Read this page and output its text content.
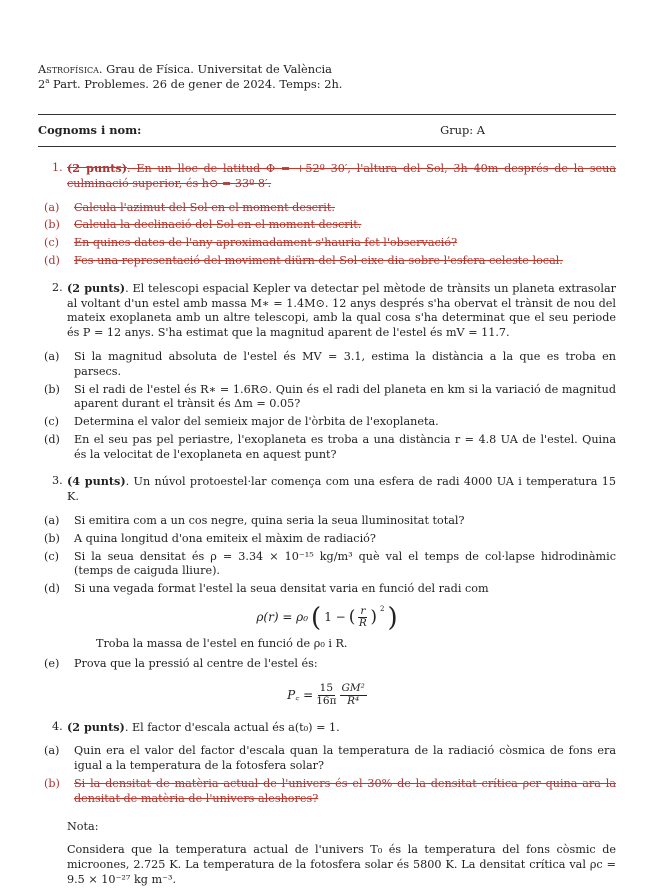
Astrofísica. Grau de Física. Universitat de València
2$^a$ Part. Problemes. 26 de gener de 2024. Temps: 2h.
Cognoms i nom:	Grup: A
1. (2 punts). En un lloc de latitud Φ = +52º 30′, l'altura del Sol, 3h 40m després de la seua culminació superior, és h⊙ = 33º 8′.
(a) Calcula l'azimut del Sol en el moment descrit.
(b) Calcula la declinació del Sol en el moment descrit.
(c) En quines dates de l'any aproximadament s'hauria fet l'observació?
(d) Fes una representació del moviment diürn del Sol eixe dia sobre l'esfera celeste local.
2. (2 punts). El telescopi espacial Kepler va detectar pel mètode de trànsits un planeta extrasolar al voltant d'un estel amb massa M∗ = 1.4M⊙. 12 anys després s'ha obervat el trànsit de nou del mateix exoplaneta amb un altre telescopi, amb la qual cosa s'ha determinat que el seu periode és P = 12 anys. S'ha estimat que la magnitud aparent de l'estel és mV = 11.7.
(a) Si la magnitud absoluta de l'estel és MV = 3.1, estima la distància a la que es troba en parsecs.
(b) Si el radi de l'estel és R∗ = 1.6R⊙. Quin és el radi del planeta en km si la variació de magnitud aparent durant el trànsit és Δm = 0.05?
(c) Determina el valor del semieix major de l'òrbita de l'exoplaneta.
(d) En el seu pas pel periastre, l'exoplaneta es troba a una distància r = 4.8 UA de l'estel. Quina és la velocitat de l'exoplaneta en aquest punt?
3. (4 punts). Un núvol protoestel·lar comença com una esfera de radi 4000 UA i temperatura 15 K.
(a) Si emitira com a un cos negre, quina seria la seua lluminositat total?
(b) A quina longitud d'ona emiteix el màxim de radiació?
(c) Si la seua densitat és ρ = 3.34 × 10⁻¹⁵ kg/m³ què val el temps de col·lapse hidrodinàmic (temps de caiguda lliure).
(d) Si una vegada format l'estel la seua densitat varia en funció del radi com
ρ(r) = ρ₀ ( 1 − ( $\frac{r}{R}$ ) $^2$ )
Troba la massa de l'estel en funció de ρ₀ i R.
(e) Prova que la pressió al centre de l'estel és:
P꜀ = $\frac{15}{16\pi} \frac{\text{GM²}}{\text{R⁴}}$
4. (2 punts). El factor d'escala actual és a(t₀) = 1.
(a) Quin era el valor del factor d'escala quan la temperatura de la radiació còsmica de fons era igual a la temperatura de la fotosfera solar?
(b) Si la densitat de matèria actual de l'univers és el 30% de la densitat crítica ρcr quina ara la densitat de matèria de l'univers aleshores?
Nota:
Considera que la temperatura actual de l'univers T₀ és la temperatura del fons còsmic de microones, 2.725 K. La temperatura de la fotosfera solar és 5800 K. La densitat crítica val ρc = 9.5 × 10⁻²⁷ kg m⁻³.
